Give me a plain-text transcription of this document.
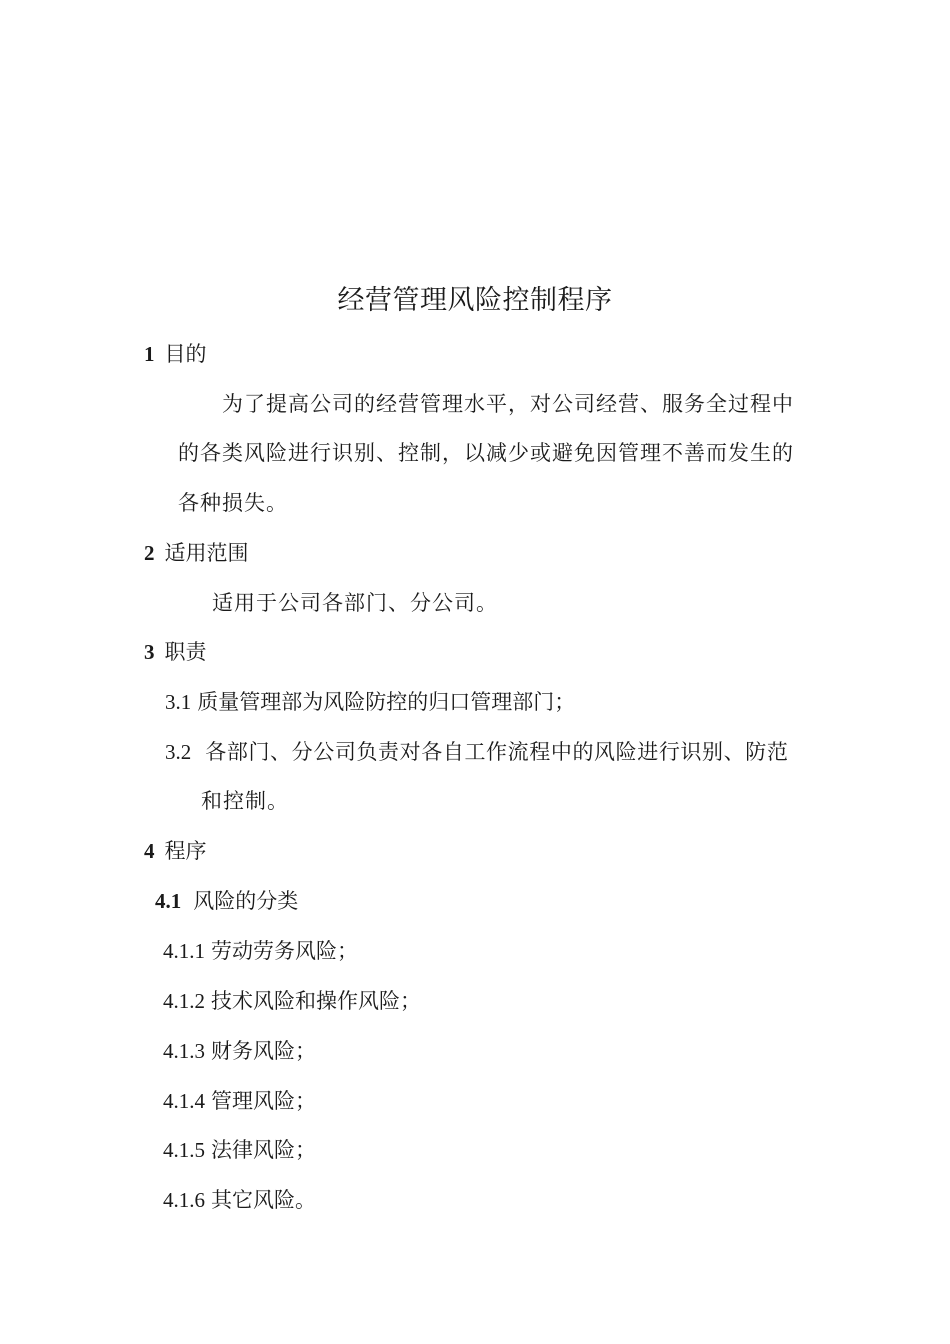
经营管理风险控制程序
1 目的
为了提高公司的经营管理水平，对公司经营、服务全过程中
的各类风险进行识别、控制，以减少或避免因管理不善而发生的
各种损失。
2 适用范围
适用于公司各部门、分公司。
3 职责
3.1 质量管理部为风险防控的归口管理部门；
3.2 各部门、分公司负责对各自工作流程中的风险进行识别、防范
和控制。
4 程序
4.1 风险的分类
4.1.1 劳动劳务风险；
4.1.2 技术风险和操作风险；
4.1.3 财务风险；
4.1.4 管理风险；
4.1.5 法律风险；
4.1.6 其它风险。
